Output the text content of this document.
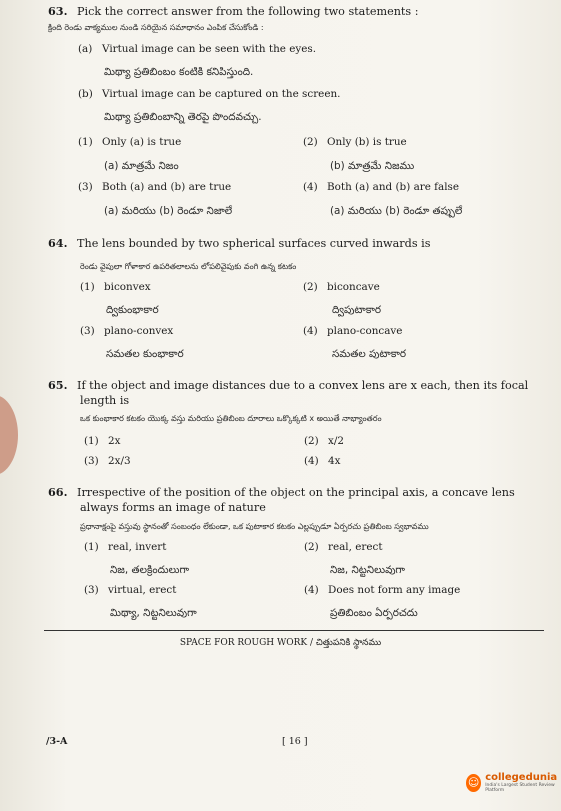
63. Pick the correct answer from the following two statements :
క్రింది రెండు వాక్యముల నుండి సరియైన సమాధానం ఎంపిక చేసుకోండి :
(a) Virtual image can be seen with the eyes.
మిథ్యా ప్రతిబింబం కంటికి కనిపిస్తుంది.
(b) Virtual image can be captured on the screen.
మిథ్యా ప్రతిబింబాన్ని తెరపై పొందవచ్చు.
(1) Only (a) is true	(2) Only (b) is true
(a) మాత్రమే నిజం	(b) మాత్రమే నిజము
(3) Both (a) and (b) are true	(4) Both (a) and (b) are false
(a) మరియు (b) రెండూ నిజాలే	(a) మరియు (b) రెండూ తప్పులే
64. The lens bounded by two spherical surfaces curved inwards is
రెండు వైపులా గోళాకార ఉపరితలాలను లోపలివైపుకు వంగి ఉన్న కటకం
(1) biconvex	(2) biconcave
ద్వికుంభాకార	ద్విపుటాకార
(3) plano-convex	(4) plano-concave
సమతల కుంభాకార	సమతల పుటాకార
65. If the object and image distances due to a convex lens are x each, then its focal
length is
ఒక కుంభాకార కటకం యొక్క వస్తు మరియు ప్రతిబింబ దూరాలు ఒక్కొక్కటి x అయితే నాభ్యాంతరం
(1) 2x	(2) x/2
(3) 2x/3	(4) 4x
66. Irrespective of the position of the object on the principal axis, a concave lens
always forms an image of nature
ప్రధానాక్షంపై వస్తువు స్థానంతో సంబంధం లేకుండా, ఒక పుటాకార కటకం ఎల్లప్పుడూ ఏర్పరచు ప్రతిబింబ స్వభావము
(1) real, invert	(2) real, erect
నిజ, తలక్రిందులుగా	నిజ, నిట్టనిలువుగా
(3) virtual, erect	(4) Does not form any image
మిథ్యా, నిట్టనిలువుగా	ప్రతిబింబం ఏర్పరచదు
SPACE FOR ROUGH WORK / చిత్తుపనికి స్థానము
/3-A	[ 16 ]
☺ collegedunia
India's Largest Student Review Platform
